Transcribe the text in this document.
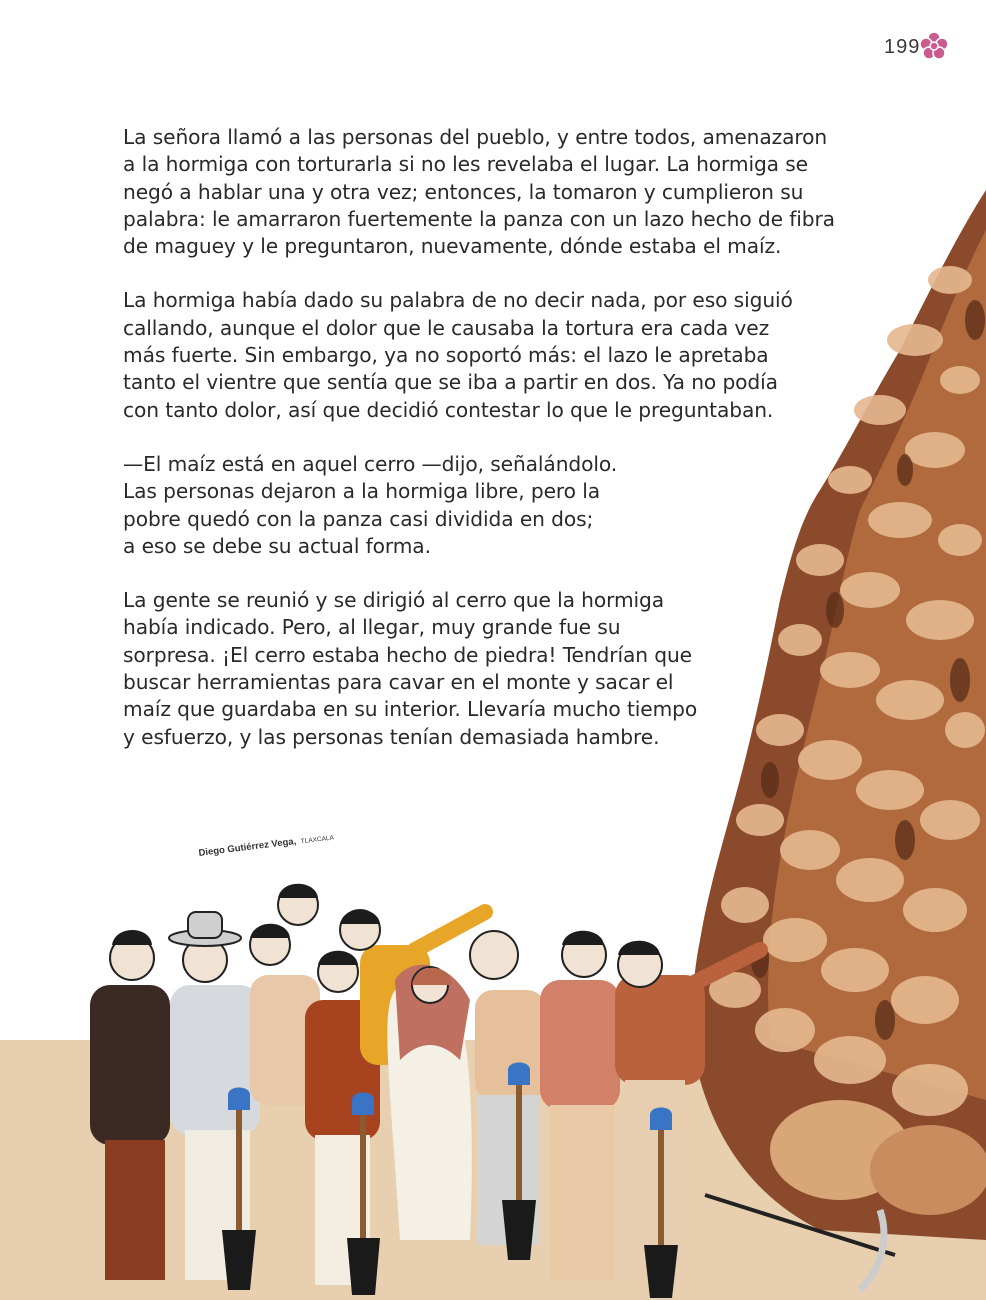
199

La señora llamó a las personas del pueblo, y entre todos, amenazaron
a la hormiga con torturarla si no les revelaba el lugar. La hormiga se
negó a hablar una y otra vez; entonces, la tomaron y cumplieron su
palabra: le amarraron fuertemente la panza con un lazo hecho de fibra
de maguey y le preguntaron, nuevamente, dónde estaba el maíz.

La hormiga había dado su palabra de no decir nada, por eso siguió
callando, aunque el dolor que le causaba la tortura era cada vez
más fuerte. Sin embargo, ya no soportó más: el lazo le apretaba
tanto el vientre que sentía que se iba a partir en dos. Ya no podía
con tanto dolor, así que decidió contestar lo que le preguntaban.

—El maíz está en aquel cerro —dijo, señalándolo.
Las personas dejaron a la hormiga libre, pero la
pobre quedó con la panza casi dividida en dos;
a eso se debe su actual forma.

La gente se reunió y se dirigió al cerro que la hormiga
había indicado. Pero, al llegar, muy grande fue su
sorpresa. ¡El cerro estaba hecho de piedra! Tendrían que
buscar herramientas para cavar en el monte y sacar el
maíz que guardaba en su interior. Llevaría mucho tiempo
y esfuerzo, y las personas tenían demasiada hambre.

Diego Gutiérrez Vega, TLAXCALA
